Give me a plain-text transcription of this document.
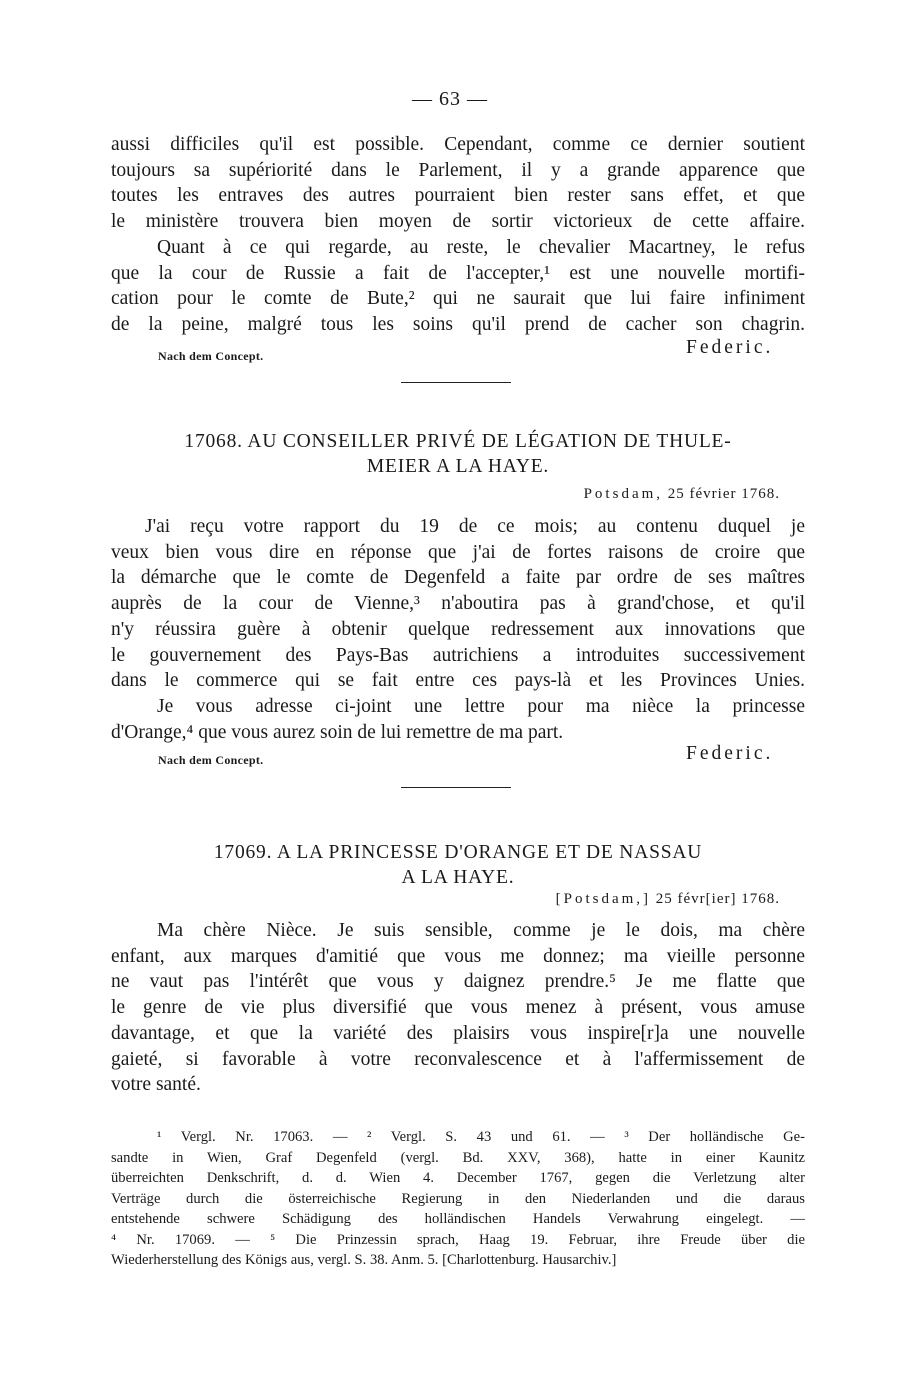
— 63 —

aussi difficiles qu'il est possible. Cependant, comme ce dernier soutient
toujours sa supériorité dans le Parlement, il y a grande apparence que
toutes les entraves des autres pourraient bien rester sans effet, et que
le ministère trouvera bien moyen de sortir victorieux de cette affaire.

Quant à ce qui regarde, au reste, le chevalier Macartney, le refus
que la cour de Russie a fait de l'accepter,¹ est une nouvelle mortifi-
cation pour le comte de Bute,² qui ne saurait que lui faire infiniment
de la peine, malgré tous les soins qu'il prend de cacher son chagrin.

Nach dem Concept.	Federic.
17068. AU CONSEILLER PRIVÉ DE LÉGATION DE THULE-
MEIER A LA HAYE.
Potsdam, 25 février 1768.

J'ai reçu votre rapport du 19 de ce mois; au contenu duquel je
veux bien vous dire en réponse que j'ai de fortes raisons de croire que
la démarche que le comte de Degenfeld a faite par ordre de ses maîtres
auprès de la cour de Vienne,³ n'aboutira pas à grand'chose, et qu'il
n'y réussira guère à obtenir quelque redressement aux innovations que
le gouvernement des Pays-Bas autrichiens a introduites successivement
dans le commerce qui se fait entre ces pays-là et les Provinces Unies.

Je vous adresse ci-joint une lettre pour ma nièce la princesse
d'Orange,⁴ que vous aurez soin de lui remettre de ma part.

Nach dem Concept.	Federic.
17069. A LA PRINCESSE D'ORANGE ET DE NASSAU
A LA HAYE.
[Potsdam,] 25 févr[ier] 1768.

Ma chère Nièce. Je suis sensible, comme je le dois, ma chère
enfant, aux marques d'amitié que vous me donnez; ma vieille personne
ne vaut pas l'intérêt que vous y daignez prendre.⁵ Je me flatte que
le genre de vie plus diversifié que vous menez à présent, vous amuse
davantage, et que la variété des plaisirs vous inspire[r]a une nouvelle
gaieté, si favorable à votre reconvalescence et à l'affermissement de
votre santé.

¹ Vergl. Nr. 17063. — ² Vergl. S. 43 und 61. — ³ Der holländische Ge-
sandte in Wien, Graf Degenfeld (vergl. Bd. XXV, 368), hatte in einer Kaunitz
überreichten Denkschrift, d. d. Wien 4. December 1767, gegen die Verletzung alter
Verträge durch die österreichische Regierung in den Niederlanden und die daraus
entstehende schwere Schädigung des holländischen Handels Verwahrung eingelegt. —
⁴ Nr. 17069. — ⁵ Die Prinzessin sprach, Haag 19. Februar, ihre Freude über die
Wiederherstellung des Königs aus, vergl. S. 38. Anm. 5. [Charlottenburg. Hausarchiv.]
